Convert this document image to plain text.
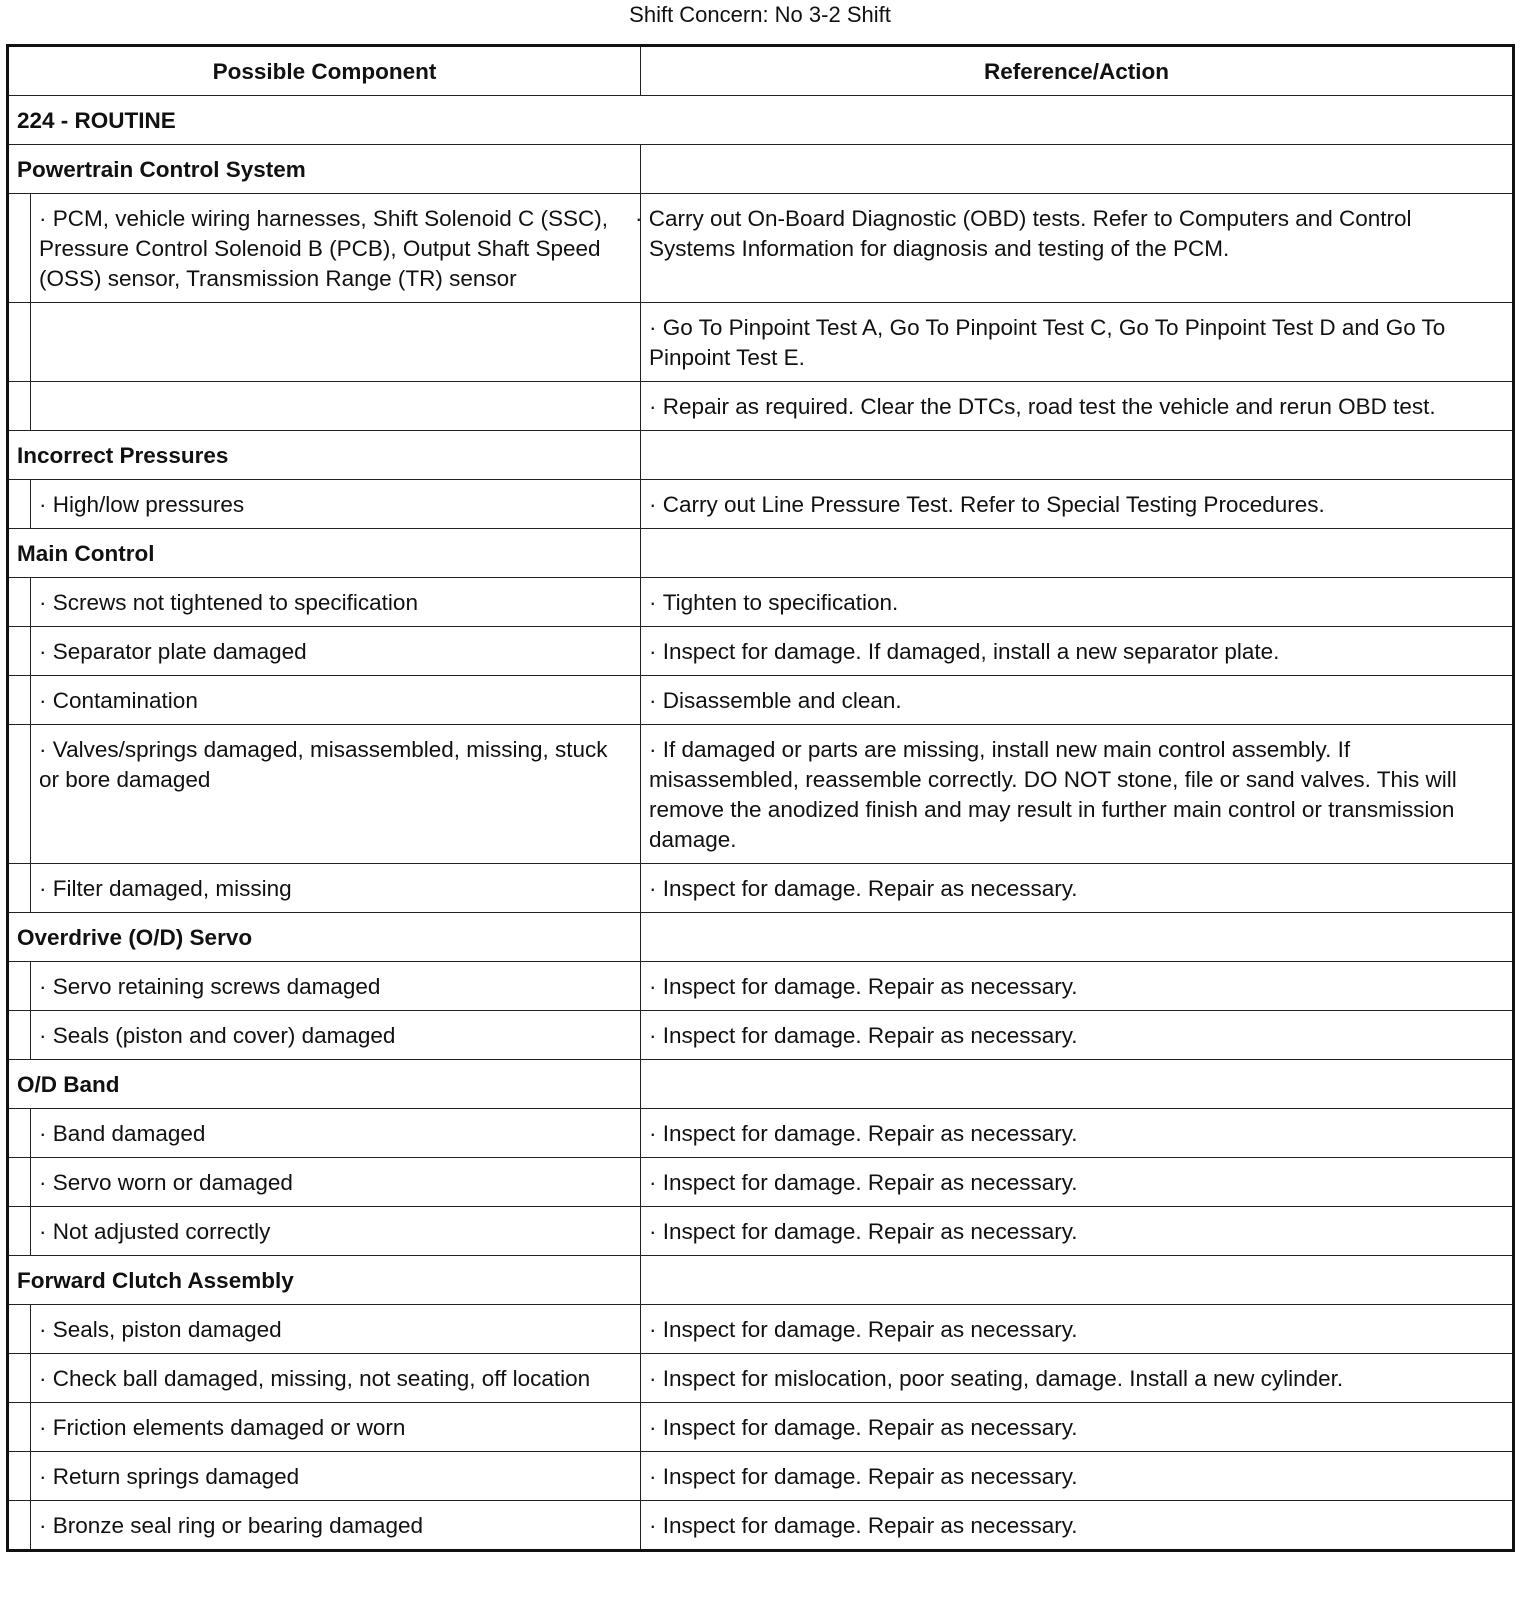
Shift Concern: No 3-2 Shift
Possible Component		Reference/Action
224 - ROUTINE		
Powertrain Control System		
	· PCM, vehicle wiring harnesses, Shift Solenoid C (SSC), Pressure Control Solenoid B (PCB), Output Shaft Speed (OSS) sensor, Transmission Range (TR) sensor	· Carry out On-Board Diagnostic (OBD) tests. Refer to Computers and Control Systems Information for diagnosis and testing of the PCM.
		· Go To Pinpoint Test A, Go To Pinpoint Test C, Go To Pinpoint Test D and Go To Pinpoint Test E.
		· Repair as required. Clear the DTCs, road test the vehicle and rerun OBD test.
Incorrect Pressures		
	· High/low pressures	·Carry out Line Pressure Test. Refer to Special Testing Procedures.
Main Control		
	· Screws not tightened to specification	·Tighten to specification.
	· Separator plate damaged	·Inspect for damage. If damaged, install a new separator plate.
	· Contamination	·Disassemble and clean.
	· Valves/springs damaged, misassembled, missing, stuck or bore damaged	· If damaged or parts are missing, install new main control assembly. If misassembled, reassemble correctly. DO NOT stone, file or sand valves. This will remove the anodized finish and may result in further main control or transmission damage.
	· Filter damaged, missing	·Inspect for damage. Repair as necessary.
Overdrive (O/D) Servo		
	· Servo retaining screws damaged	·Inspect for damage. Repair as necessary.
	· Seals (piston and cover) damaged	·Inspect for damage. Repair as necessary.
O/D Band		
	· Band damaged	·Inspect for damage. Repair as necessary.
	· Servo worn or damaged	·Inspect for damage. Repair as necessary.
	· Not adjusted correctly	·Inspect for damage. Repair as necessary.
Forward Clutch Assembly		
	· Seals, piston damaged	·Inspect for damage. Repair as necessary.
	· Check ball damaged, missing, not seating, off location	·Inspect for mislocation, poor seating, damage. Install a new cylinder.
	· Friction elements damaged or worn	·Inspect for damage. Repair as necessary.
	· Return springs damaged	·Inspect for damage. Repair as necessary.
	· Bronze seal ring or bearing damaged	·Inspect for damage. Repair as necessary.
